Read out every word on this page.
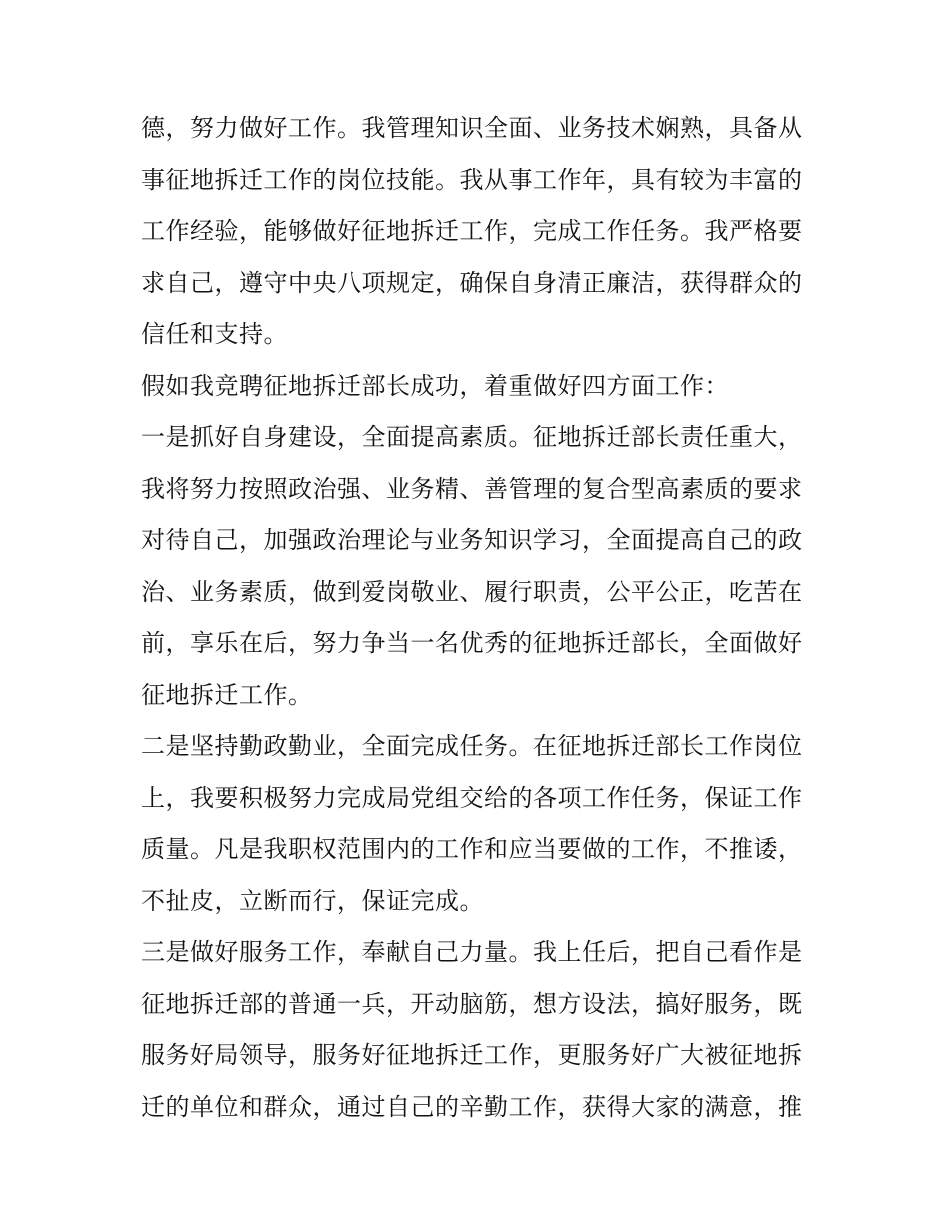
德，努力做好工作。我管理知识全面、业务技术娴熟，具备从
事征地拆迁工作的岗位技能。我从事工作年，具有较为丰富的
工作经验，能够做好征地拆迁工作，完成工作任务。我严格要
求自己，遵守中央八项规定，确保自身清正廉洁，获得群众的
信任和支持。
假如我竞聘征地拆迁部长成功，着重做好四方面工作：
一是抓好自身建设，全面提高素质。征地拆迁部长责任重大，
我将努力按照政治强、业务精、善管理的复合型高素质的要求
对待自己，加强政治理论与业务知识学习，全面提高自己的政
治、业务素质，做到爱岗敬业、履行职责，公平公正，吃苦在
前，享乐在后，努力争当一名优秀的征地拆迁部长，全面做好
征地拆迁工作。
二是坚持勤政勤业，全面完成任务。在征地拆迁部长工作岗位
上，我要积极努力完成局党组交给的各项工作任务，保证工作
质量。凡是我职权范围内的工作和应当要做的工作，不推诿，
不扯皮，立断而行，保证完成。
三是做好服务工作，奉献自己力量。我上任后，把自己看作是
征地拆迁部的普通一兵，开动脑筋，想方设法，搞好服务，既
服务好局领导，服务好征地拆迁工作，更服务好广大被征地拆
迁的单位和群众，通过自己的辛勤工作，获得大家的满意，推
